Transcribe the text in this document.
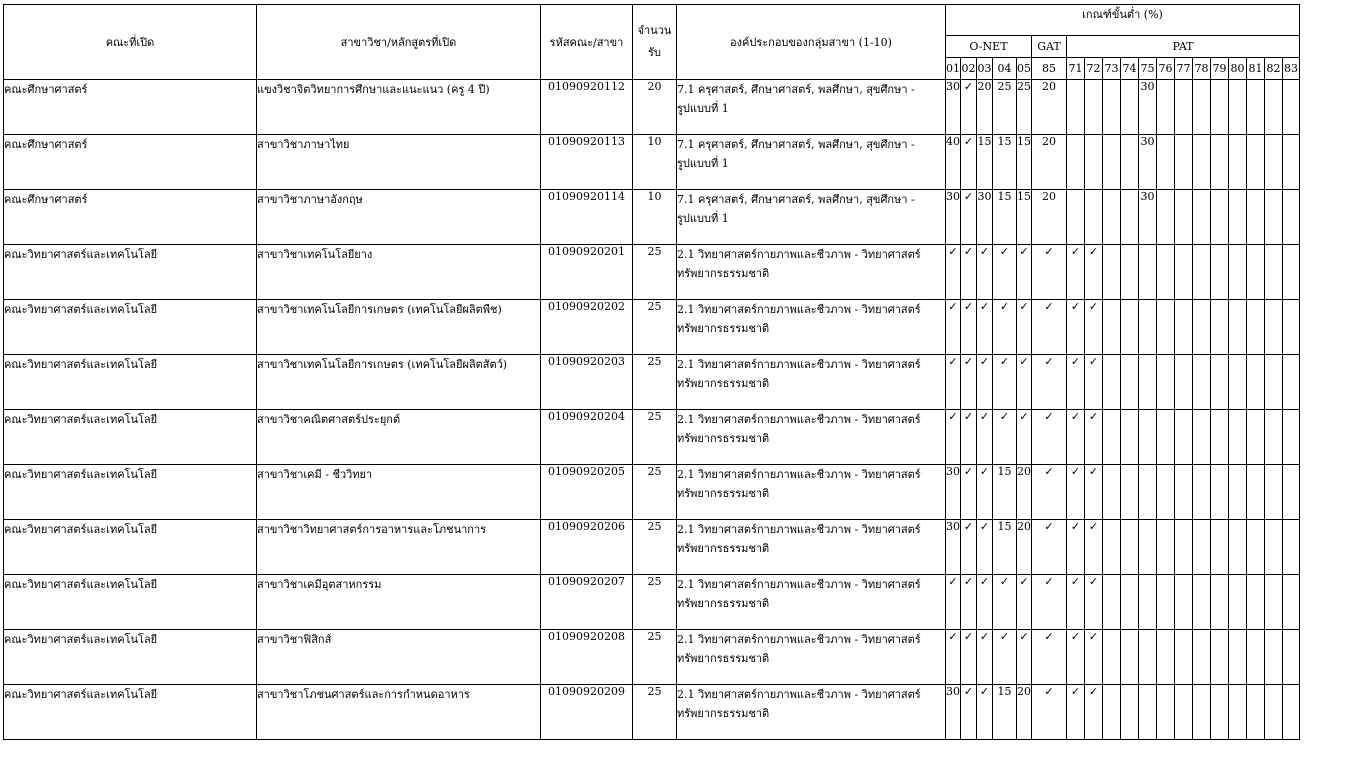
คณะที่เปิด	สาขาวิชา/หลักสูตรที่เปิด	รหัสคณะ/สาขา	จำนวนรับ	องค์ประกอบของกลุ่มสาขา (1-10)	เกณฑ์ขั้นต่ำ (%)																		
					O-NET					GAT	PAT												
					01	02	03	04	05	85	71	72	73	74	75	76	77	78	79	80	81	82	83
คณะศึกษาศาสตร์	แขงวิชาจิตวิทยาการศึกษาและแนะแนว (ครู 4 ปี)	01090920112	20	7.1 ครุศาสตร์, ศึกษาศาสตร์, พลศึกษา, สุขศึกษา -
รูปแบบที่ 1	30	✓	20	25	25	20					30								
คณะศึกษาศาสตร์	สาขาวิชาภาษาไทย	01090920113	10	7.1 ครุศาสตร์, ศึกษาศาสตร์, พลศึกษา, สุขศึกษา -
รูปแบบที่ 1	40	✓	15	15	15	20					30								
คณะศึกษาศาสตร์	สาขาวิชาภาษาอังกฤษ	01090920114	10	7.1 ครุศาสตร์, ศึกษาศาสตร์, พลศึกษา, สุขศึกษา -
รูปแบบที่ 1	30	✓	30	15	15	20					30								
คณะวิทยาศาสตร์และเทคโนโลยี	สาขาวิชาเทคโนโลยียาง	01090920201	25	2.1 วิทยาศาสตร์กายภาพและชีวภาพ - วิทยาศาสตร์
ทรัพยากรธรรมชาติ	✓	✓	✓	✓	✓	✓	✓	✓											
คณะวิทยาศาสตร์และเทคโนโลยี	สาขาวิชาเทคโนโลยีการเกษตร (เทคโนโลยีผลิตพืช)	01090920202	25	2.1 วิทยาศาสตร์กายภาพและชีวภาพ - วิทยาศาสตร์
ทรัพยากรธรรมชาติ	✓	✓	✓	✓	✓	✓	✓	✓											
คณะวิทยาศาสตร์และเทคโนโลยี	สาขาวิชาเทคโนโลยีการเกษตร (เทคโนโลยีผลิตสัตว์)	01090920203	25	2.1 วิทยาศาสตร์กายภาพและชีวภาพ - วิทยาศาสตร์
ทรัพยากรธรรมชาติ	✓	✓	✓	✓	✓	✓	✓	✓											
คณะวิทยาศาสตร์และเทคโนโลยี	สาขาวิชาคณิตศาสตร์ประยุกต์	01090920204	25	2.1 วิทยาศาสตร์กายภาพและชีวภาพ - วิทยาศาสตร์
ทรัพยากรธรรมชาติ	✓	✓	✓	✓	✓	✓	✓	✓											
คณะวิทยาศาสตร์และเทคโนโลยี	สาขาวิชาเคมี - ชีววิทยา	01090920205	25	2.1 วิทยาศาสตร์กายภาพและชีวภาพ - วิทยาศาสตร์
ทรัพยากรธรรมชาติ	30	✓	✓	15	20	✓	✓	✓											
คณะวิทยาศาสตร์และเทคโนโลยี	สาขาวิชาวิทยาศาสตร์การอาหารและโภชนาการ	01090920206	25	2.1 วิทยาศาสตร์กายภาพและชีวภาพ - วิทยาศาสตร์
ทรัพยากรธรรมชาติ	30	✓	✓	15	20	✓	✓	✓											
คณะวิทยาศาสตร์และเทคโนโลยี	สาขาวิชาเคมีอุตสาหกรรม	01090920207	25	2.1 วิทยาศาสตร์กายภาพและชีวภาพ - วิทยาศาสตร์
ทรัพยากรธรรมชาติ	✓	✓	✓	✓	✓	✓	✓	✓											
คณะวิทยาศาสตร์และเทคโนโลยี	สาขาวิชาฟิสิกส์	01090920208	25	2.1 วิทยาศาสตร์กายภาพและชีวภาพ - วิทยาศาสตร์
ทรัพยากรธรรมชาติ	✓	✓	✓	✓	✓	✓	✓	✓											
คณะวิทยาศาสตร์และเทคโนโลยี	สาขาวิชาโภชนศาสตร์และการกำหนดอาหาร	01090920209	25	2.1 วิทยาศาสตร์กายภาพและชีวภาพ - วิทยาศาสตร์
ทรัพยากรธรรมชาติ	30	✓	✓	15	20	✓	✓	✓											
